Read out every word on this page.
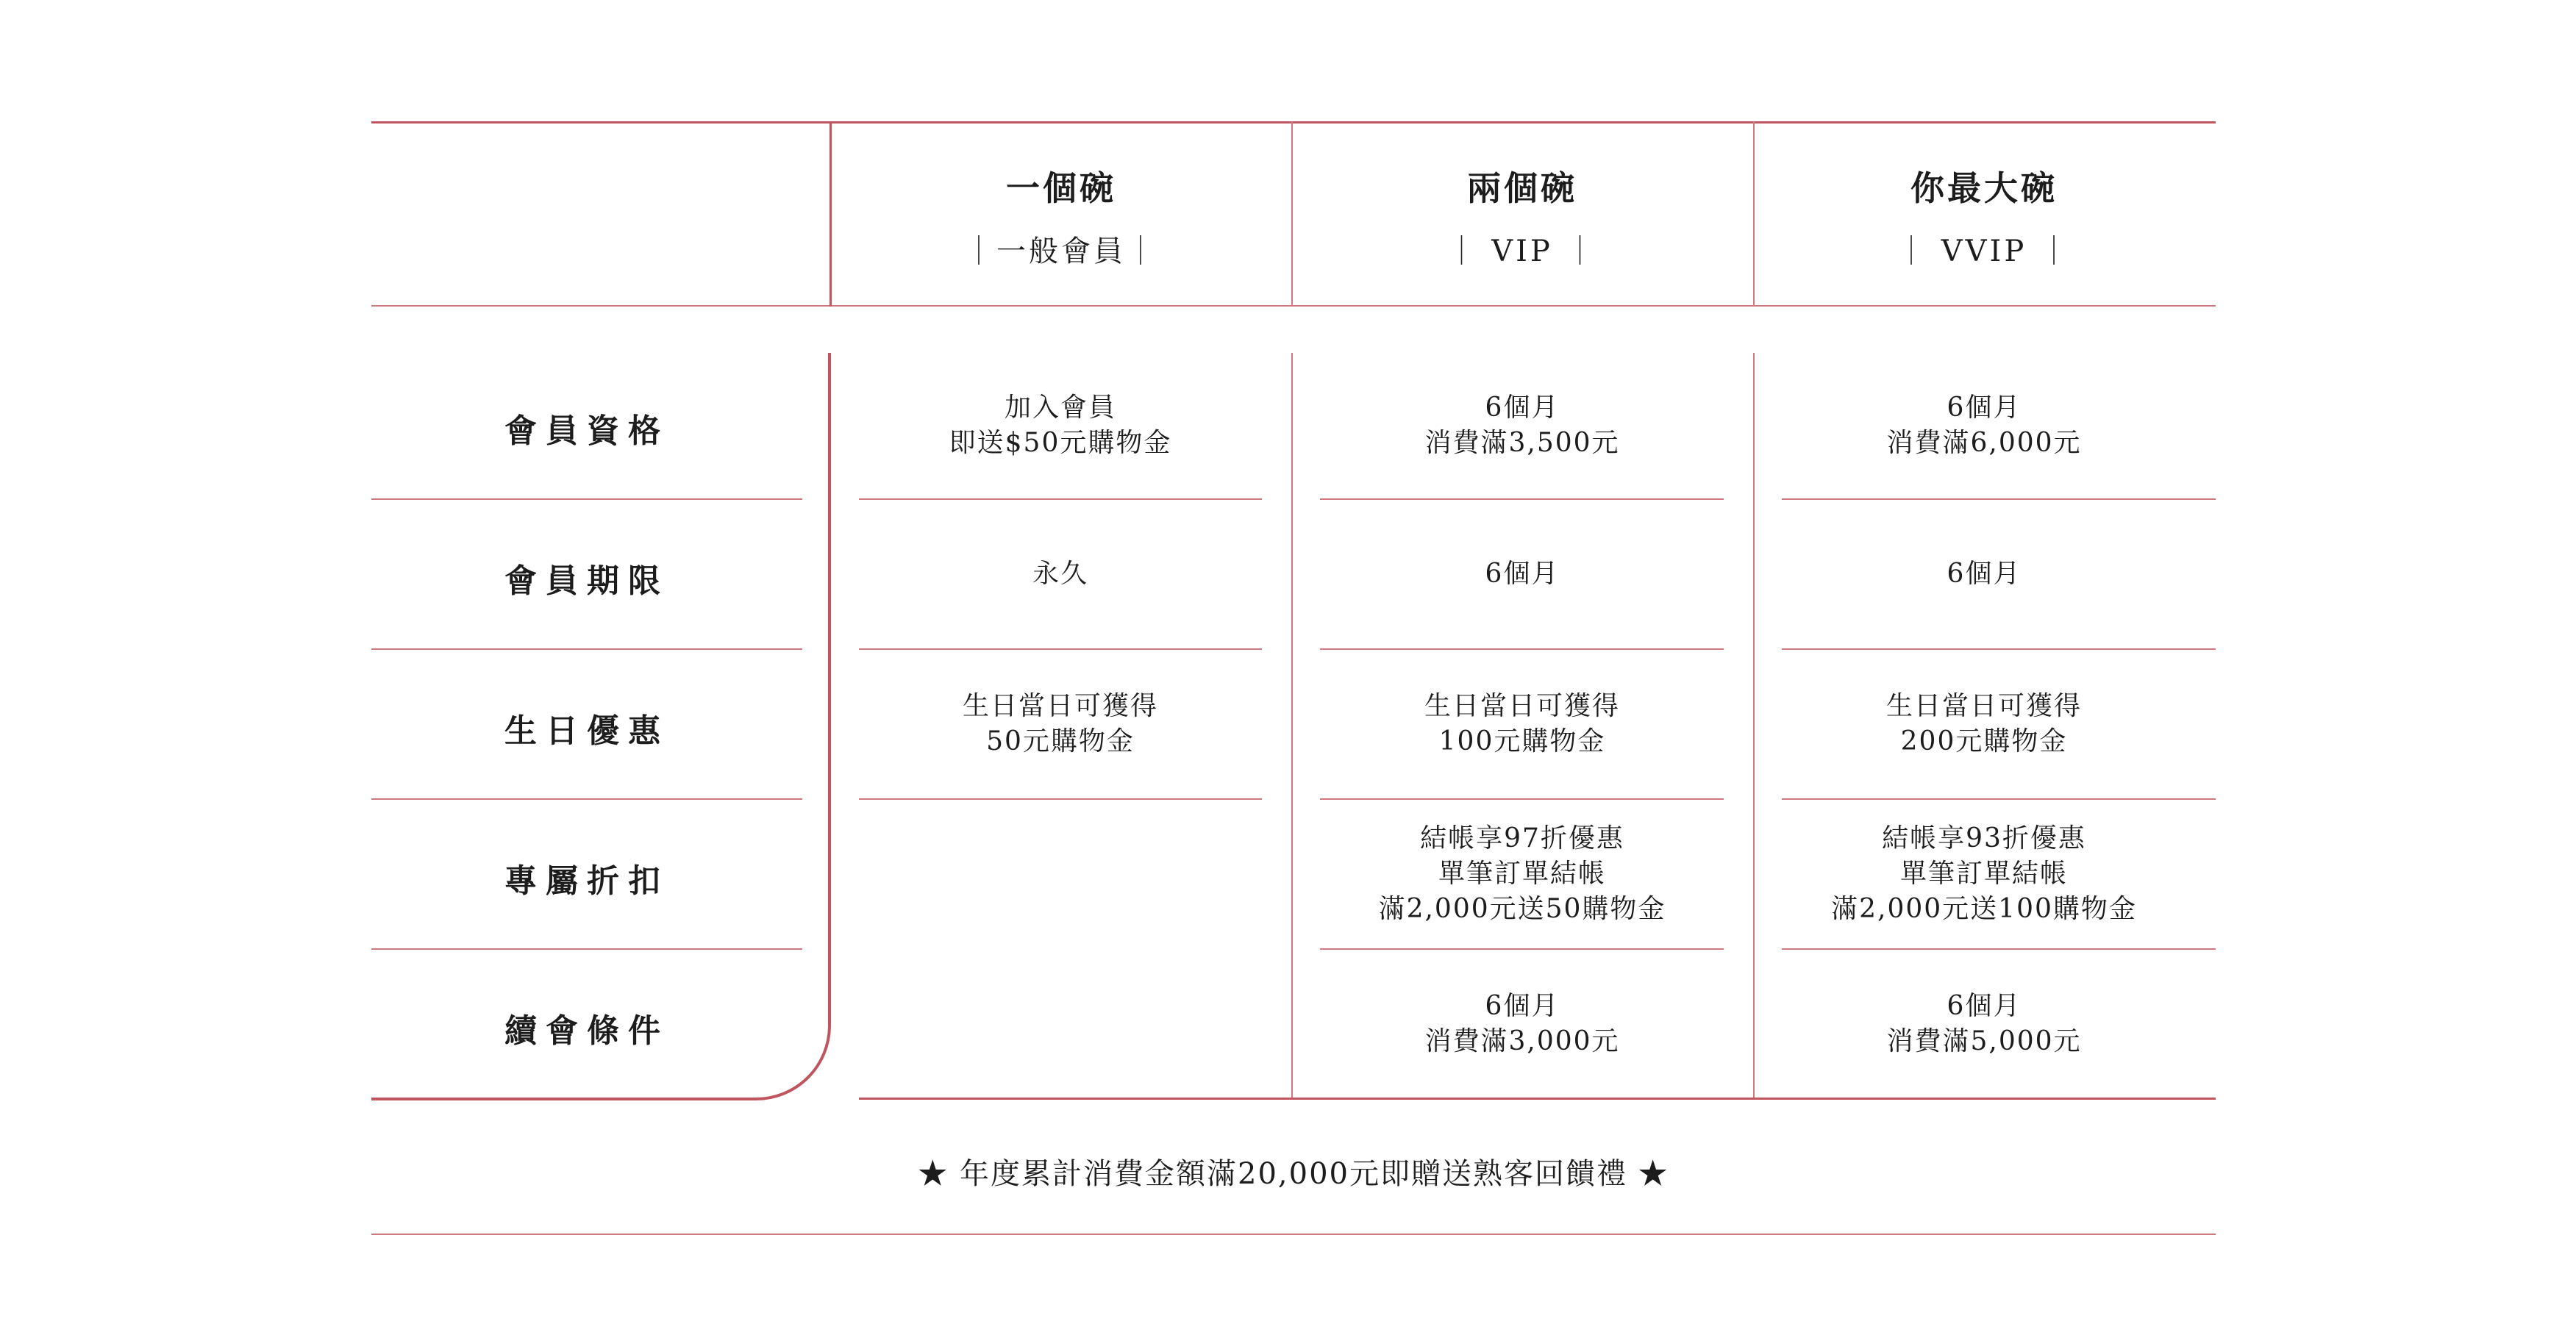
一個碗
｜一般會員｜
兩個碗
｜ VIP ｜
你最大碗
｜ VVIP ｜
會員資格
會員期限
生日優惠
專屬折扣
續會條件
加入會員
即送$50元購物金
6個月
消費滿3,500元
6個月
消費滿6,000元
永久	6個月	6個月
生日當日可獲得
50元購物金
生日當日可獲得
100元購物金
生日當日可獲得
200元購物金
結帳享97折優惠
單筆訂單結帳
滿2,000元送50購物金
結帳享93折優惠
單筆訂單結帳
滿2,000元送100購物金
6個月
消費滿3,000元
6個月
消費滿5,000元
★ 年度累計消費金額滿20,000元即贈送熟客回饋禮 ★
